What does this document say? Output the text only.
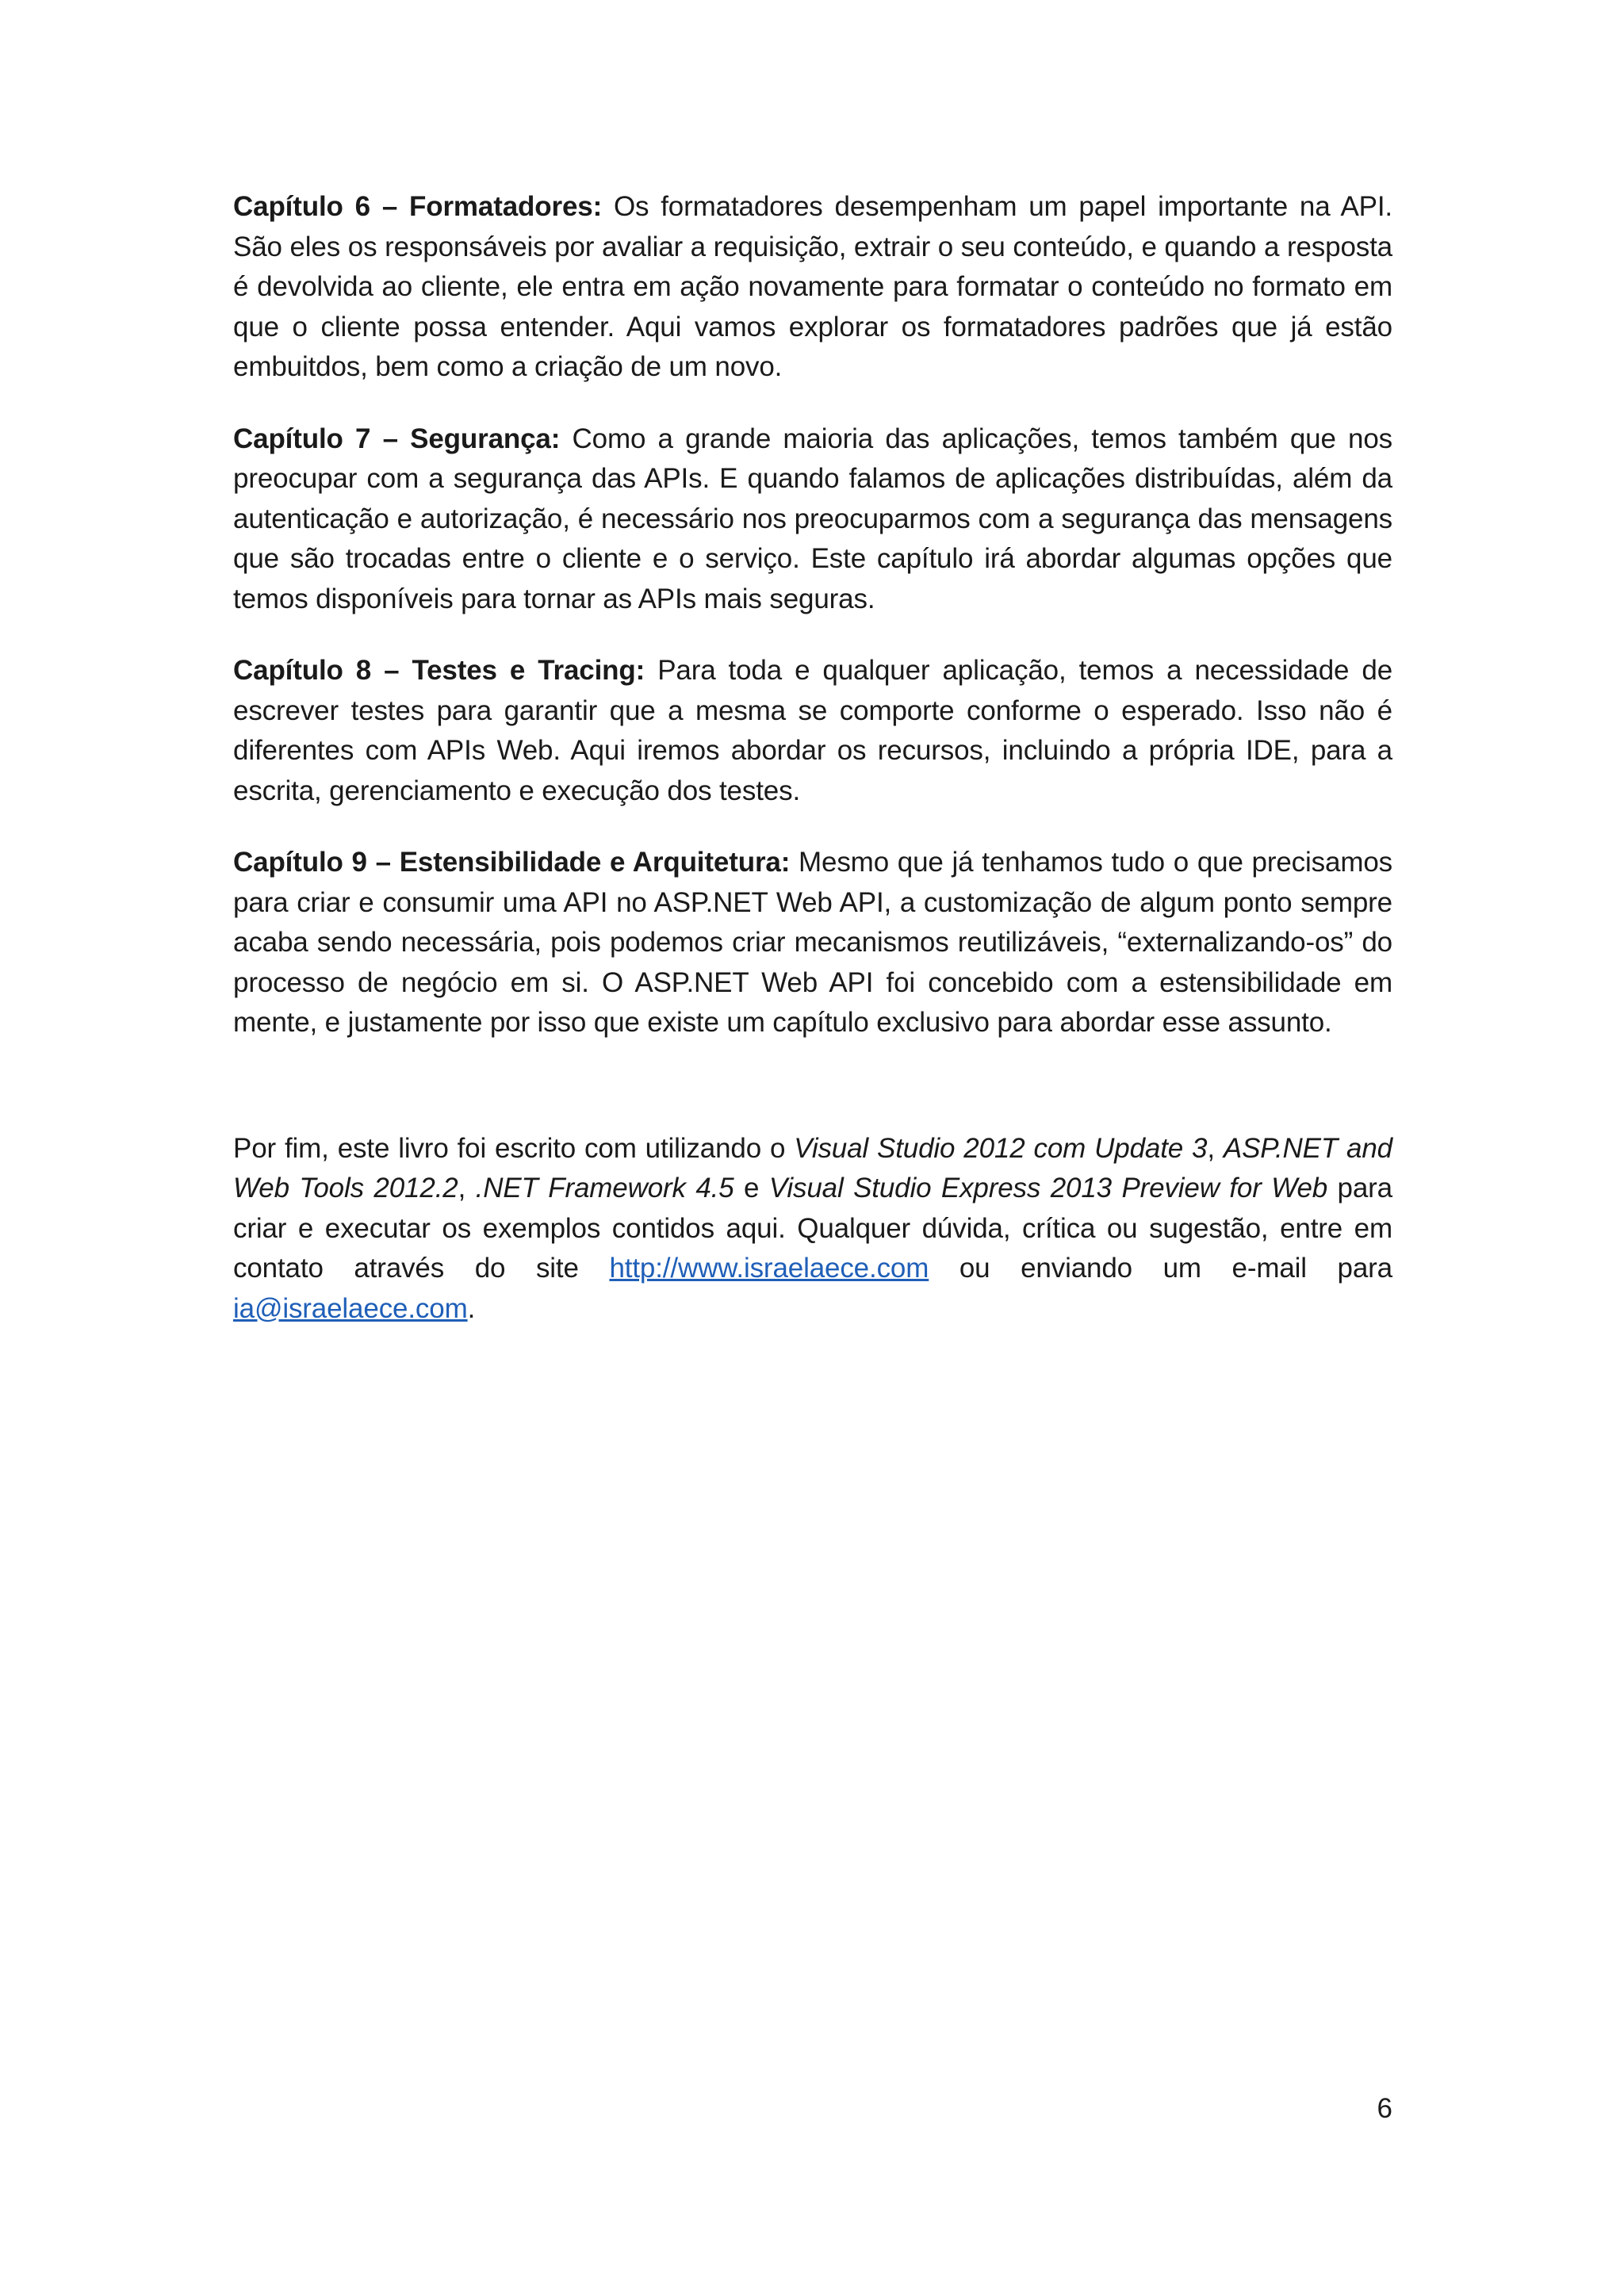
Capítulo 6 – Formatadores: Os formatadores desempenham um papel importante na API. São eles os responsáveis por avaliar a requisição, extrair o seu conteúdo, e quando a resposta é devolvida ao cliente, ele entra em ação novamente para formatar o conteúdo no formato em que o cliente possa entender. Aqui vamos explorar os formatadores padrões que já estão embuitdos, bem como a criação de um novo.

Capítulo 7 – Segurança: Como a grande maioria das aplicações, temos também que nos preocupar com a segurança das APIs. E quando falamos de aplicações distribuídas, além da autenticação e autorização, é necessário nos preocuparmos com a segurança das mensagens que são trocadas entre o cliente e o serviço. Este capítulo irá abordar algumas opções que temos disponíveis para tornar as APIs mais seguras.

Capítulo 8 – Testes e Tracing: Para toda e qualquer aplicação, temos a necessidade de escrever testes para garantir que a mesma se comporte conforme o esperado. Isso não é diferentes com APIs Web. Aqui iremos abordar os recursos, incluindo a própria IDE, para a escrita, gerenciamento e execução dos testes.

Capítulo 9 – Estensibilidade e Arquitetura: Mesmo que já tenhamos tudo o que precisamos para criar e consumir uma API no ASP.NET Web API, a customização de algum ponto sempre acaba sendo necessária, pois podemos criar mecanismos reutilizáveis, “externalizando-os” do processo de negócio em si. O ASP.NET Web API foi concebido com a estensibilidade em mente, e justamente por isso que existe um capítulo exclusivo para abordar esse assunto.

Por fim, este livro foi escrito com utilizando o Visual Studio 2012 com Update 3, ASP.NET and Web Tools 2012.2, .NET Framework 4.5 e Visual Studio Express 2013 Preview for Web para criar e executar os exemplos contidos aqui. Qualquer dúvida, crítica ou sugestão, entre em contato através do site http://www.israelaece.com ou enviando um e-mail para ia@israelaece.com.

6
